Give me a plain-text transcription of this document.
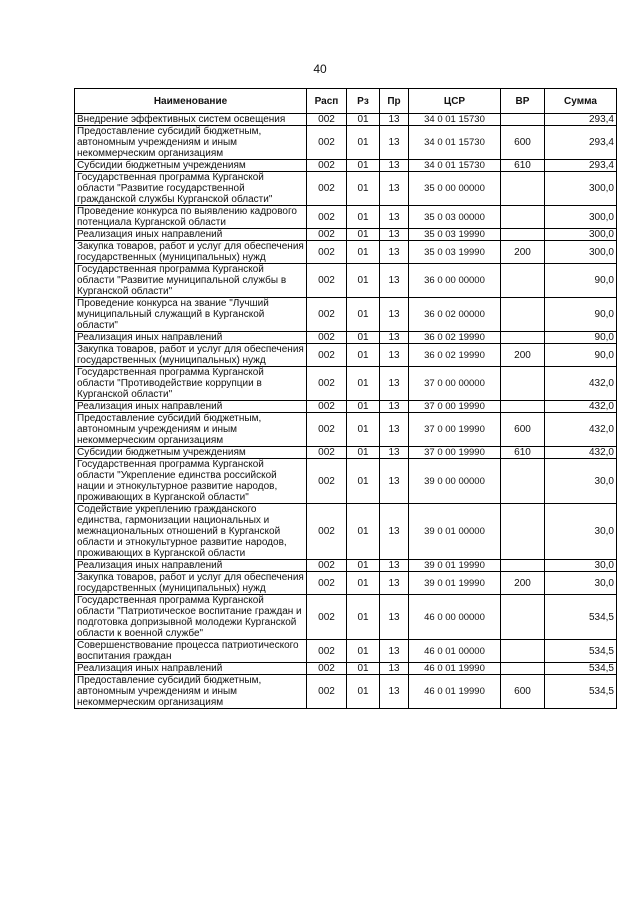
40
Наименование	Расп	Рз	Пр	ЦСР	ВР	Сумма
Внедрение эффективных систем освещения	002	01	13	34 0 01 15730		293,4
Предоставление субсидий бюджетным, автономным учреждениям и иным некоммерческим организациям	002	01	13	34 0 01 15730	600	293,4
Субсидии бюджетным учреждениям	002	01	13	34 0 01 15730	610	293,4
Государственная программа Курганской области "Развитие государственной гражданской службы Курганской области"	002	01	13	35 0 00 00000		300,0
Проведение конкурса по выявлению кадрового потенциала Курганской области	002	01	13	35 0 03 00000		300,0
Реализация иных направлений	002	01	13	35 0 03 19990		300,0
Закупка товаров, работ и услуг для обеспечения государственных (муниципальных) нужд	002	01	13	35 0 03 19990	200	300,0
Государственная программа Курганской области "Развитие муниципальной службы в Курганской области"	002	01	13	36 0 00 00000		90,0
Проведение конкурса на звание "Лучший муниципальный служащий в Курганской области"	002	01	13	36 0 02 00000		90,0
Реализация иных направлений	002	01	13	36 0 02 19990		90,0
Закупка товаров, работ и услуг для обеспечения государственных (муниципальных) нужд	002	01	13	36 0 02 19990	200	90,0
Государственная программа Курганской области "Противодействие коррупции в Курганской области"	002	01	13	37 0 00 00000		432,0
Реализация иных направлений	002	01	13	37 0 00 19990		432,0
Предоставление субсидий бюджетным, автономным учреждениям и иным некоммерческим организациям	002	01	13	37 0 00 19990	600	432,0
Субсидии бюджетным учреждениям	002	01	13	37 0 00 19990	610	432,0
Государственная программа Курганской области "Укрепление единства российской нации и этнокультурное развитие народов, проживающих в Курганской области"	002	01	13	39 0 00 00000		30,0
Содействие укреплению гражданского единства, гармонизации национальных и межнациональных отношений в Курганской области и этнокультурное развитие народов, проживающих в Курганской области	002	01	13	39 0 01 00000		30,0
Реализация иных направлений	002	01	13	39 0 01 19990		30,0
Закупка товаров, работ и услуг для обеспечения государственных (муниципальных) нужд	002	01	13	39 0 01 19990	200	30,0
Государственная программа Курганской области "Патриотическое воспитание граждан и подготовка допризывной молодежи Курганской области к военной службе"	002	01	13	46 0 00 00000		534,5
Совершенствование процесса патриотического воспитания граждан	002	01	13	46 0 01 00000		534,5
Реализация иных направлений	002	01	13	46 0 01 19990		534,5
Предоставление субсидий бюджетным, автономным учреждениям и иным некоммерческим организациям	002	01	13	46 0 01 19990	600	534,5
